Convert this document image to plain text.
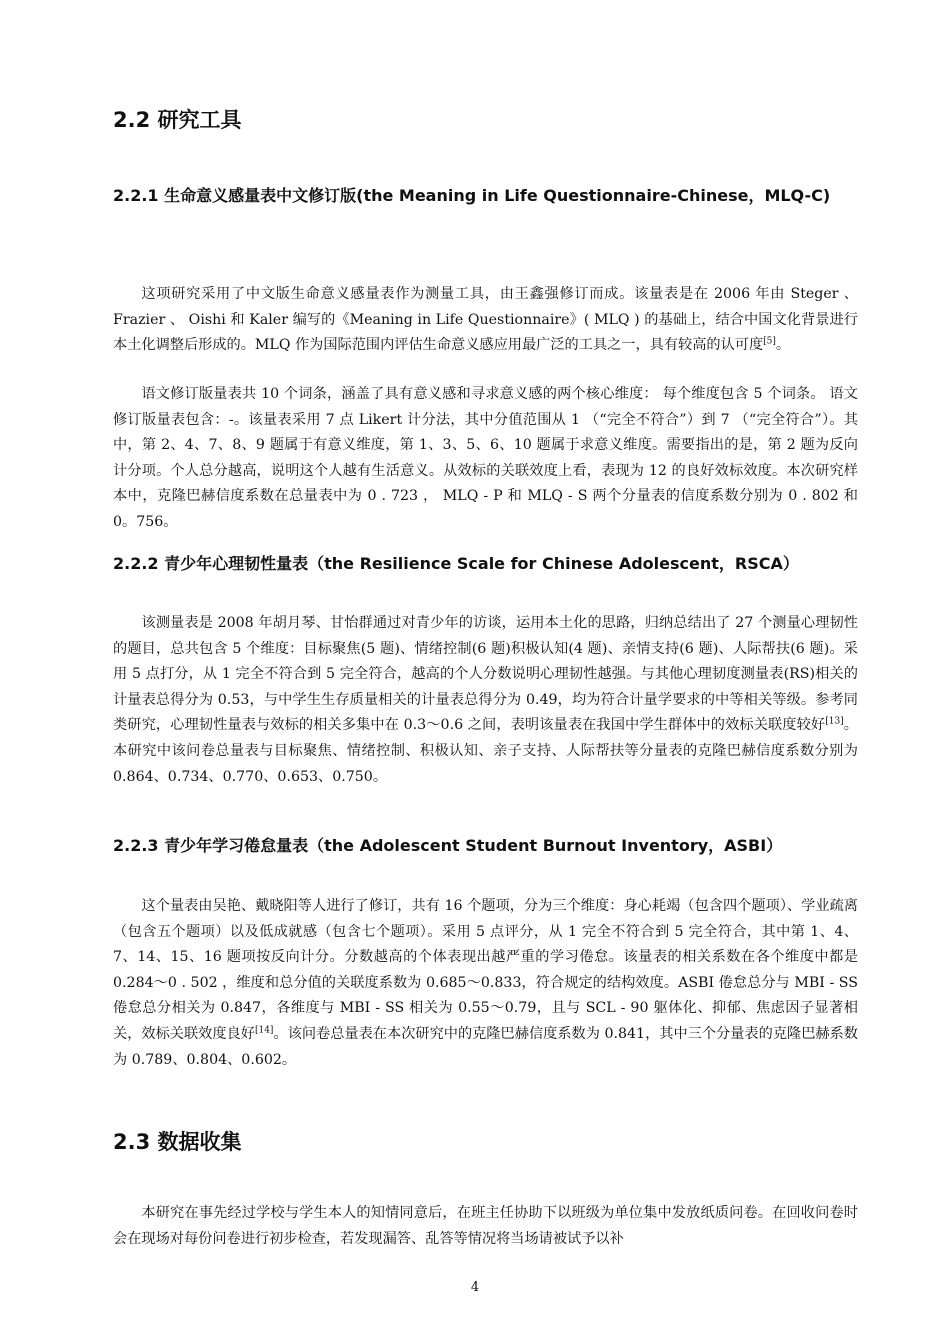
2.2 研究工具
2.2.1 生命意义感量表中文修订版(the Meaning in Life Questionnaire-Chinese，MLQ-C)

这项研究采用了中文版生命意义感量表作为测量工具，由王鑫强修订而成。该量表是在 2006 年由 Steger 、 Frazier 、 Oishi 和 Kaler 编写的《Meaning in Life Questionnaire》( MLQ ) 的基础上，结合中国文化背景进行本土化调整后形成的。MLQ 作为国际范围内评估生命意义感应用最广泛的工具之一，具有较高的认可度[5]。

语文修订版量表共 10 个词条，涵盖了具有意义感和寻求意义感的两个核心维度： 每个维度包含 5 个词条。 语文修订版量表包含：-。该量表采用 7 点 Likert 计分法，其中分值范围从 1 （“完全不符合”）到 7 （“完全符合”）。其中，第 2、4、7、8、9 题属于有意义维度，第 1、3、5、6、10 题属于求意义维度。需要指出的是，第 2 题为反向计分项。个人总分越高，说明这个人越有生活意义。从效标的关联效度上看，表现为 12 的良好效标效度。本次研究样本中，克隆巴赫信度系数在总量表中为 0 . 723 ， MLQ - P 和 MLQ - S 两个分量表的信度系数分别为 0 . 802 和 0。756。

2.2.2 青少年心理韧性量表（the Resilience Scale for Chinese Adolescent，RSCA）

该测量表是 2008 年胡月琴、甘怡群通过对青少年的访谈，运用本土化的思路，归纳总结出了 27 个测量心理韧性的题目，总共包含 5 个维度：目标聚焦(5 题)、情绪控制(6 题)积极认知(4 题)、亲情支持(6 题)、人际帮扶(6 题)。采用 5 点打分，从 1 完全不符合到 5 完全符合，越高的个人分数说明心理韧性越强。与其他心理韧度测量表(RS)相关的计量表总得分为 0.53，与中学生生存质量相关的计量表总得分为 0.49，均为符合计量学要求的中等相关等级。参考同类研究，心理韧性量表与效标的相关多集中在 0.3～0.6 之间，表明该量表在我国中学生群体中的效标关联度较好[13]。本研究中该问卷总量表与目标聚焦、情绪控制、积极认知、亲子支持、人际帮扶等分量表的克隆巴赫信度系数分别为 0.864、0.734、0.770、0.653、0.750。

2.2.3 青少年学习倦怠量表（the Adolescent Student Burnout Inventory，ASBI）

这个量表由吴艳、戴晓阳等人进行了修订，共有 16 个题项，分为三个维度：身心耗竭（包含四个题项）、学业疏离（包含五个题项）以及低成就感（包含七个题项）。采用 5 点评分，从 1 完全不符合到 5 完全符合，其中第 1、4、7、14、15、16 题项按反向计分。分数越高的个体表现出越严重的学习倦怠。该量表的相关系数在各个维度中都是 0.284～0 . 502 ，维度和总分值的关联度系数为 0.685～0.833，符合规定的结构效度。ASBI 倦怠总分与 MBI - SS 倦怠总分相关为 0.847，各维度与 MBI - SS 相关为 0.55～0.79，且与 SCL - 90 躯体化、抑郁、焦虑因子显著相关，效标关联效度良好[14]。该问卷总量表在本次研究中的克隆巴赫信度系数为 0.841，其中三个分量表的克隆巴赫系数为 0.789、0.804、0.602。

2.3 数据收集

本研究在事先经过学校与学生本人的知情同意后，在班主任协助下以班级为单位集中发放纸质问卷。在回收问卷时会在现场对每份问卷进行初步检查，若发现漏答、乱答等情况将当场请被试予以补

4
